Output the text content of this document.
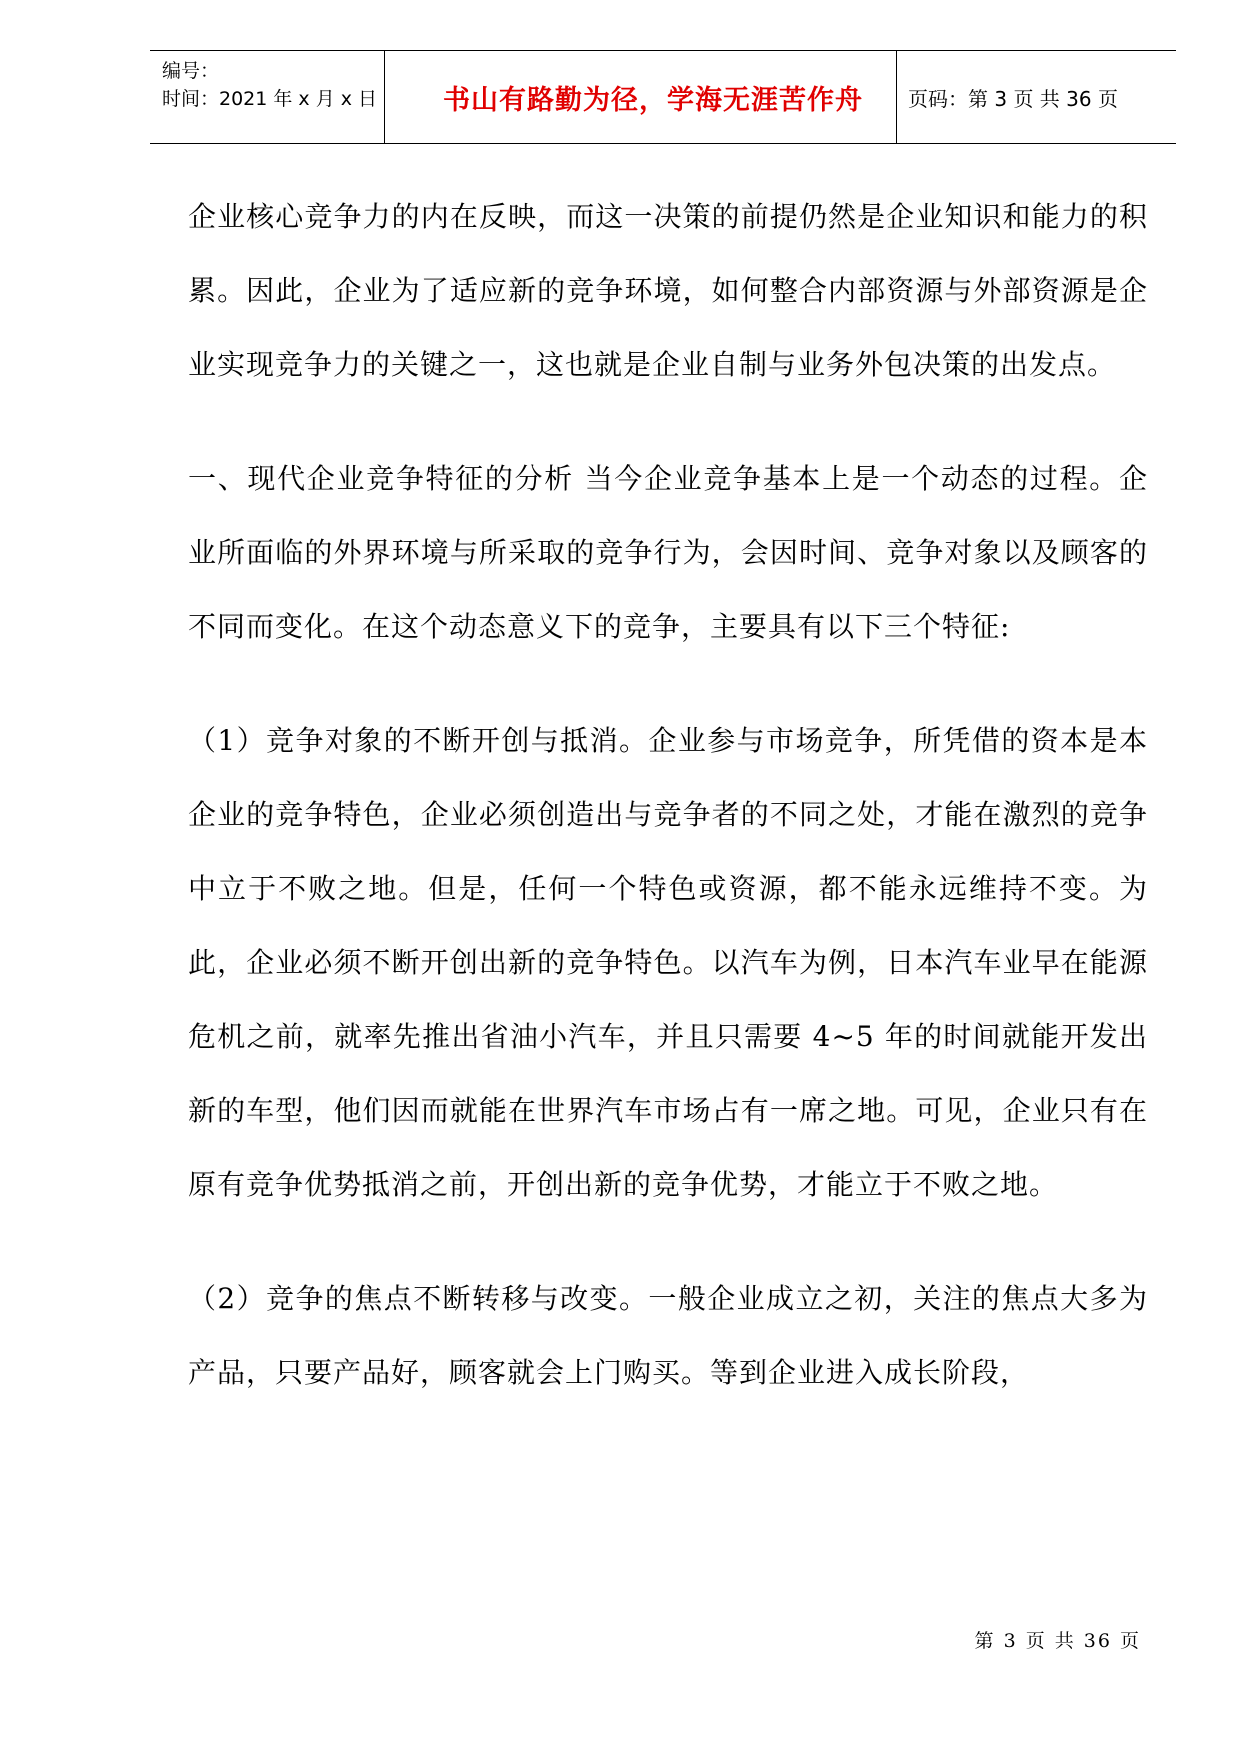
编号：
时间：2021 年 x 月 x 日	书山有路勤为径，学海无涯苦作舟	页码：第 3 页 共 36 页

企业核心竞争力的内在反映，而这一决策的前提仍然是企业知识和能力的积累。因此，企业为了适应新的竞争环境，如何整合内部资源与外部资源是企业实现竞争力的关键之一，这也就是企业自制与业务外包决策的出发点。

一、现代企业竞争特征的分析 当今企业竞争基本上是一个动态的过程。企业所面临的外界环境与所采取的竞争行为，会因时间、竞争对象以及顾客的不同而变化。在这个动态意义下的竞争，主要具有以下三个特征:

（1）竞争对象的不断开创与抵消。企业参与市场竞争，所凭借的资本是本企业的竞争特色，企业必须创造出与竞争者的不同之处，才能在激烈的竞争中立于不败之地。但是，任何一个特色或资源，都不能永远维持不变。为此，企业必须不断开创出新的竞争特色。以汽车为例，日本汽车业早在能源危机之前，就率先推出省油小汽车，并且只需要 4~5 年的时间就能开发出新的车型，他们因而就能在世界汽车市场占有一席之地。可见，企业只有在原有竞争优势抵消之前，开创出新的竞争优势，才能立于不败之地。

（2）竞争的焦点不断转移与改变。一般企业成立之初，关注的焦点大多为产品，只要产品好，顾客就会上门购买。等到企业进入成长阶段，

第 3 页 共 36 页
